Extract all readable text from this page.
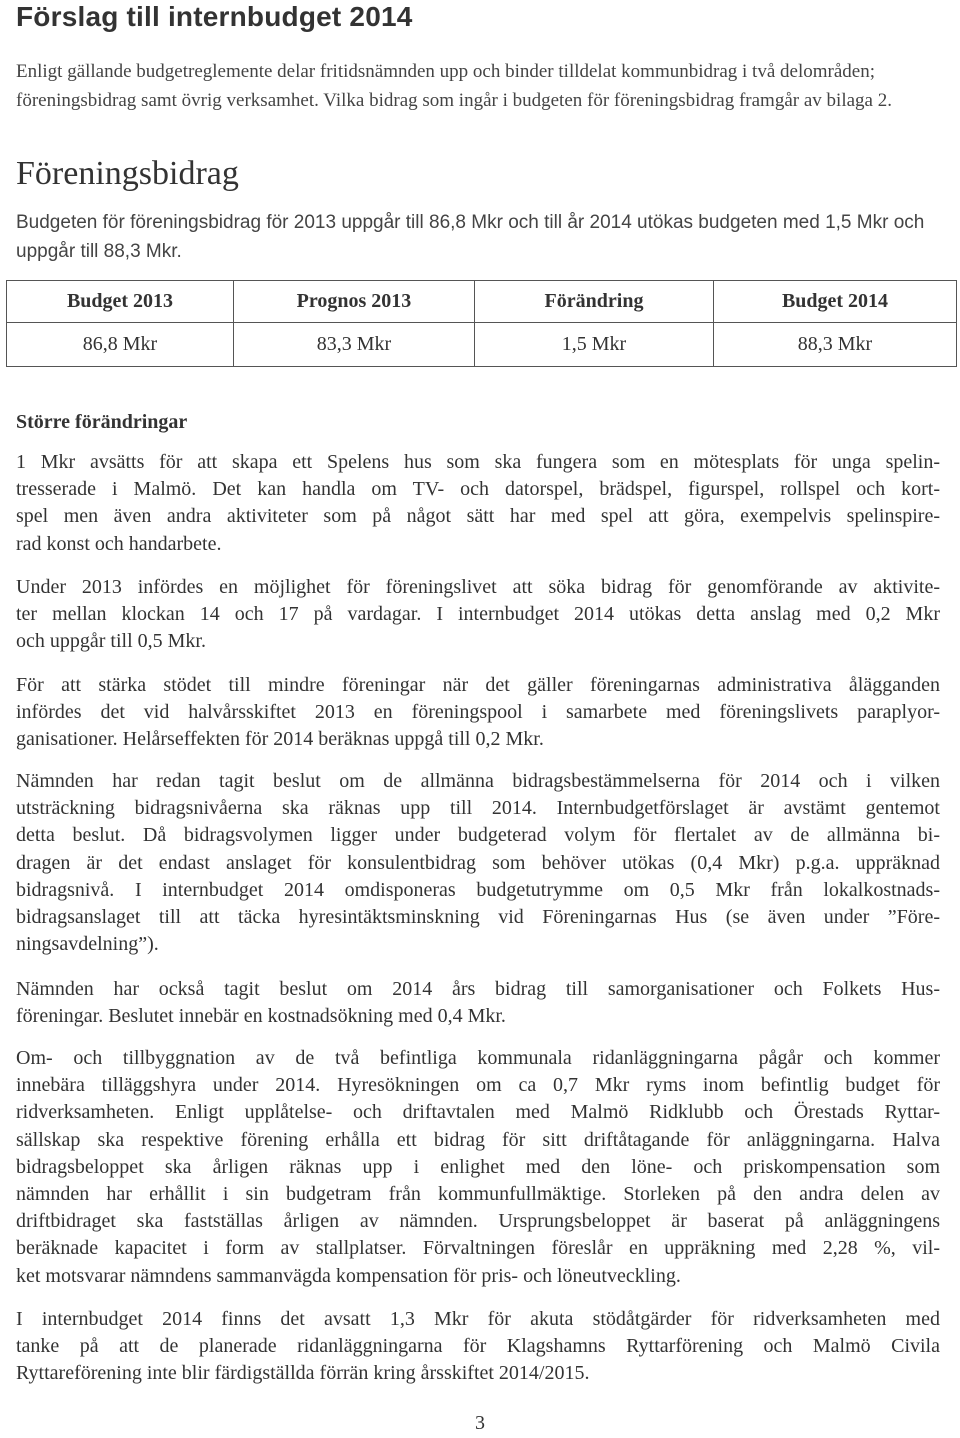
Förslag till internbudget 2014
Enligt gällande budgetreglemente delar fritidsnämnden upp och binder tilldelat kommunbidrag i två delområden; föreningsbidrag samt övrig verksamhet. Vilka bidrag som ingår i budgeten för föreningsbidrag framgår av bilaga 2.
Föreningsbidrag
Budgeten för föreningsbidrag för 2013 uppgår till 86,8 Mkr och till år 2014 utökas budgeten med 1,5 Mkr och uppgår till 88,3 Mkr.
Budget 2013	Prognos 2013	Förändring	Budget 2014
86,8 Mkr	83,3 Mkr	1,5 Mkr	88,3 Mkr
Större förändringar
1 Mkr avsätts för att skapa ett Spelens hus som ska fungera som en mötesplats för unga spelin-
tresserade i Malmö. Det kan handla om TV- och datorspel, brädspel, figurspel, rollspel och kort-
spel men även andra aktiviteter som på något sätt har med spel att göra, exempelvis spelinspire-
rad konst och handarbete.
Under 2013 infördes en möjlighet för föreningslivet att söka bidrag för genomförande av aktivite-
ter mellan klockan 14 och 17 på vardagar. I internbudget 2014 utökas detta anslag med 0,2 Mkr
och uppgår till 0,5 Mkr.
För att stärka stödet till mindre föreningar när det gäller föreningarnas administrativa ålägganden
infördes det vid halvårsskiftet 2013 en föreningspool i samarbete med föreningslivets paraplyor-
ganisationer. Helårseffekten för 2014 beräknas uppgå till 0,2 Mkr.
Nämnden har redan tagit beslut om de allmänna bidragsbestämmelserna för 2014 och i vilken
utsträckning bidragsnivåerna ska räknas upp till 2014. Internbudgetförslaget är avstämt gentemot
detta beslut. Då bidragsvolymen ligger under budgeterad volym för flertalet av de allmänna bi-
dragen är det endast anslaget för konsulentbidrag som behöver utökas (0,4 Mkr) p.g.a. uppräknad
bidragsnivå. I internbudget 2014 omdisponeras budgetutrymme om 0,5 Mkr från lokalkostnads-
bidragsanslaget till att täcka hyresintäktsminskning vid Föreningarnas Hus (se även under ”Före-
ningsavdelning”).
Nämnden har också tagit beslut om 2014 års bidrag till samorganisationer och Folkets Hus-
föreningar. Beslutet innebär en kostnadsökning med 0,4 Mkr.
Om- och tillbyggnation av de två befintliga kommunala ridanläggningarna pågår och kommer
innebära tilläggshyra under 2014. Hyresökningen om ca 0,7 Mkr ryms inom befintlig budget för
ridverksamheten. Enligt upplåtelse- och driftavtalen med Malmö Ridklubb och Örestads Ryttar-
sällskap ska respektive förening erhålla ett bidrag för sitt driftåtagande för anläggningarna. Halva
bidragsbeloppet ska årligen räknas upp i enlighet med den löne- och priskompensation som
nämnden har erhållit i sin budgetram från kommunfullmäktige. Storleken på den andra delen av
driftbidraget ska fastställas årligen av nämnden. Ursprungsbeloppet är baserat på anläggningens
beräknade kapacitet i form av stallplatser. Förvaltningen föreslår en uppräkning med 2,28 %, vil-
ket motsvarar nämndens sammanvägda kompensation för pris- och löneutveckling.
I internbudget 2014 finns det avsatt 1,3 Mkr för akuta stödåtgärder för ridverksamheten med
tanke på att de planerade ridanläggningarna för Klagshamns Ryttarförening och Malmö Civila
Ryttareförening inte blir färdigställda förrän kring årsskiftet 2014/2015.
3
